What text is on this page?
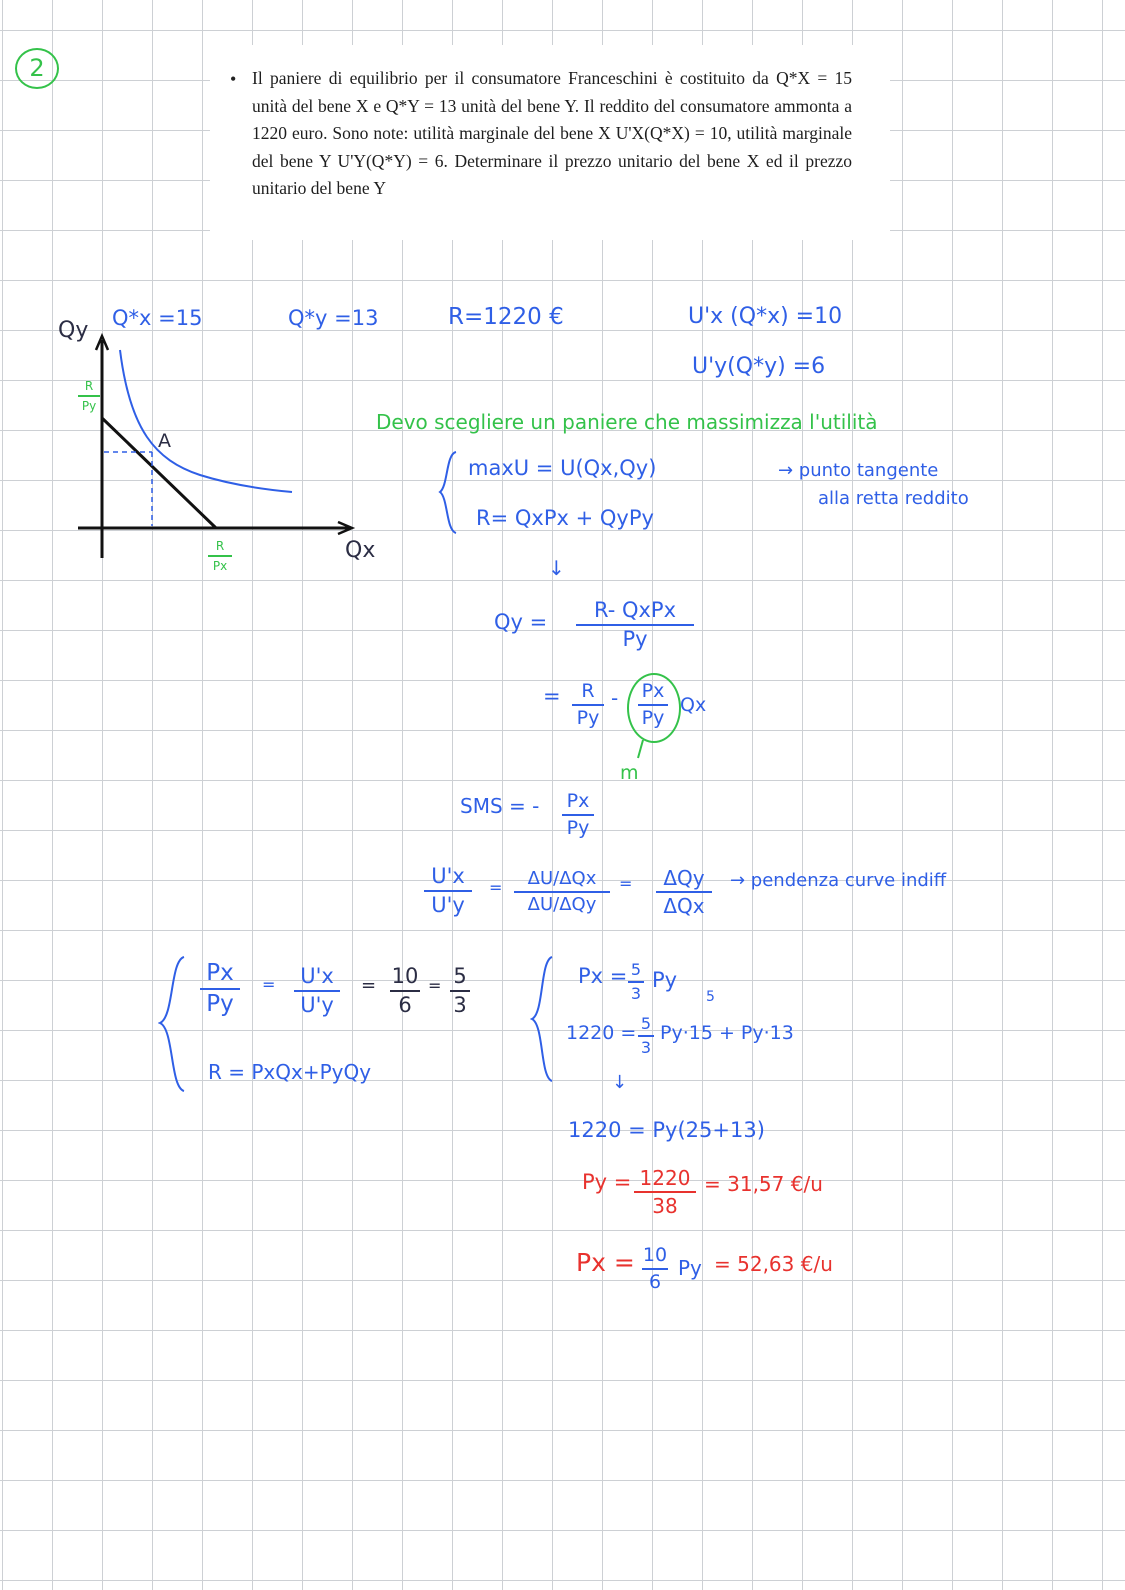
2	• Il paniere di equilibrio per il consumatore Franceschini è costituito da Q*X = 15 unità del bene X e Q*Y = 13 unità del bene Y. Il reddito del consumatore ammonta a 1220 euro. Sono note: utilità marginale del bene X U'X(Q*X) = 10, utilità marginale del bene Y U'Y(Q*Y) = 6. Determinare il prezzo unitario del bene X ed il prezzo unitario del bene Y
Qy
Qx
R
Py
R
Px
A
Q*x =15	Q*y =13	R=1220 €	U'x (Q*x) =10
U'y(Q*y) =6
Devo scegliere un paniere che massimizza l'utilità
maxU = U(Qx,Qy)
R= QxPx + QyPy
→ punto tangente
alla retta reddito
↓
Qy =	R- QxPx
Py
=	R
Py
- Px
Py
Qx
m
SMS = - Px
Py
U'x
U'y
=	ΔU/ΔQx
ΔU/ΔQy
=	ΔQy
ΔQx
→ pendenza curve indiff
Px
Py
= U'x
U'y
= 10
6
= 5
3
R = PxQx+PyQy
Px = 5
3
Py
5
1220 = 5
3
Py·15 + Py·13
↓
1220 = Py(25+13)
Py = 1220
38
= 31,57 €/u
Px = 10
6
Py = 52,63 €/u
